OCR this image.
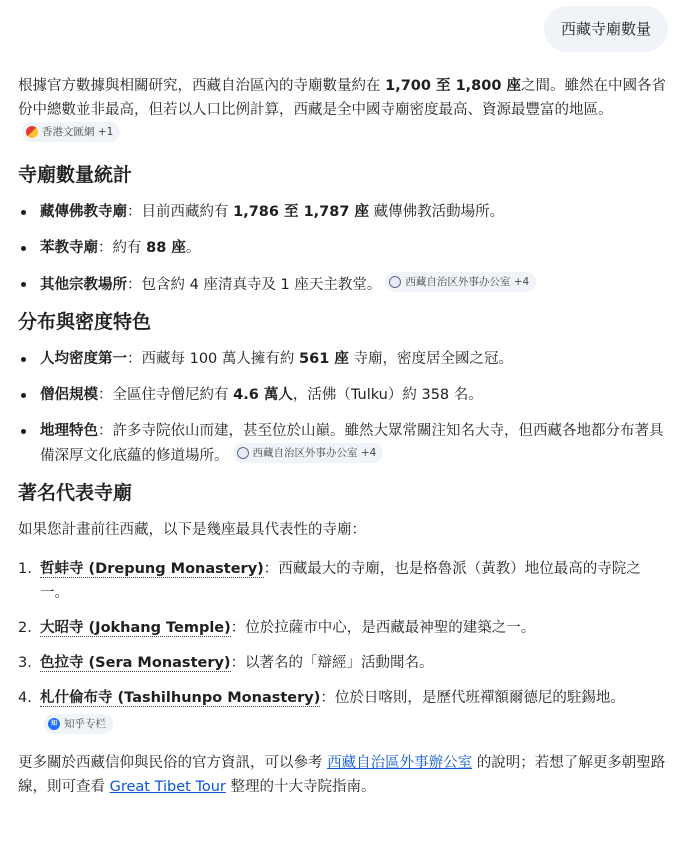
西藏寺廟數量

根據官方數據與相關研究，西藏自治區內的寺廟數量約在 1,700 至 1,800 座之間。雖然在中國各省份中總數並非最高，但若以人口比例計算，西藏是全中國寺廟密度最高、資源最豐富的地區。
香港文匯網 +1

寺廟數量統計
藏傳佛教寺廟：目前西藏約有 1,786 至 1,787 座 藏傳佛教活動場所。
苯教寺廟：約有 88 座。
其他宗教場所：包含約 4 座清真寺及 1 座天主教堂。 西藏自治区外事办公室 +4
分布與密度特色
人均密度第一：西藏每 100 萬人擁有約 561 座 寺廟，密度居全國之冠。
僧侶規模：全區住寺僧尼約有 4.6 萬人，活佛（Tulku）約 358 名。
地理特色：許多寺院依山而建，甚至位於山巔。雖然大眾常關注知名大寺，但西藏各地都分布著具備深厚文化底蘊的修道場所。 西藏自治区外事办公室 +4
著名代表寺廟

如果您計畫前往西藏，以下是幾座最具代表性的寺廟：

1. 哲蚌寺 (Drepung Monastery)：西藏最大的寺廟，也是格魯派（黃教）地位最高的寺院之一。
2. 大昭寺 (Jokhang Temple)：位於拉薩市中心，是西藏最神聖的建築之一。
3. 色拉寺 (Sera Monastery)：以著名的「辯經」活動聞名。
4. 札什倫布寺 (Tashilhunpo Monastery)：位於日喀則，是歷代班禪額爾德尼的駐錫地。
知 知乎专栏

更多關於西藏信仰與民俗的官方資訊，可以參考 西藏自治區外事辦公室 的說明；若想了解更多朝聖路線，則可查看 Great Tibet Tour 整理的十大寺院指南。
